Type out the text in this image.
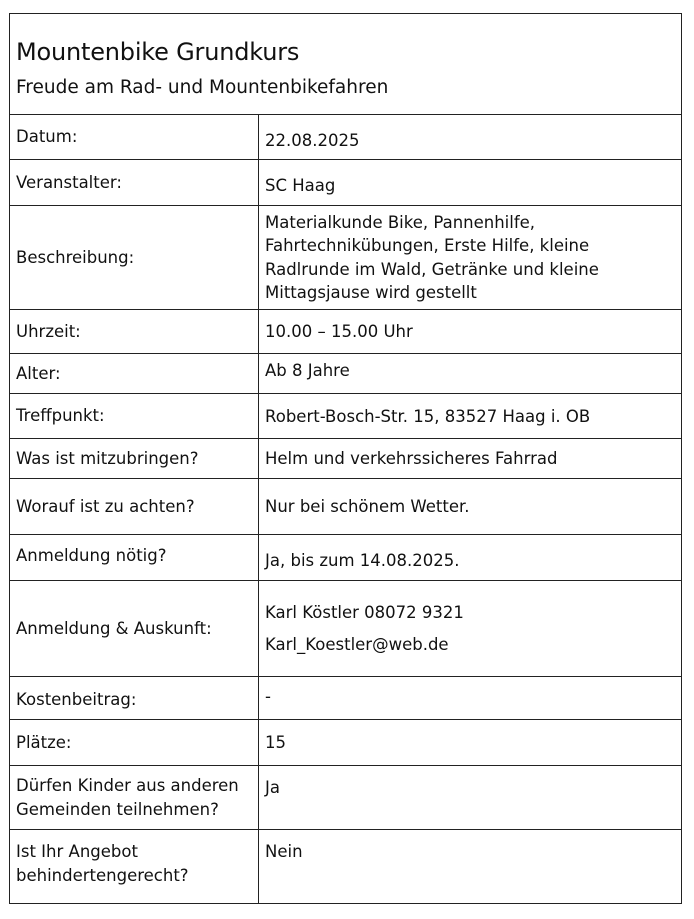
Mountenbike Grundkurs
Freude am Rad- und Mountenbikefahren
Datum:	22.08.2025
Veranstalter:	SC Haag
Beschreibung:	Materialkunde Bike, Pannenhilfe, Fahrtechnikübungen, Erste Hilfe, kleine Radlrunde im Wald, Getränke und kleine Mittagsjause wird gestellt
Uhrzeit:	10.00 – 15.00 Uhr
Alter:	Ab 8 Jahre
Treffpunkt:	Robert-Bosch-Str. 15, 83527 Haag i. OB
Was ist mitzubringen?	Helm und verkehrssicheres Fahrrad
Worauf ist zu achten?	Nur bei schönem Wetter.
Anmeldung nötig?	Ja, bis zum 14.08.2025.
Anmeldung & Auskunft:	Karl Köstler 08072 9321
Karl_Koestler@web.de

Kostenbeitrag:	-
Plätze:	15
Dürfen Kinder aus anderen Gemeinden teilnehmen?	Ja
Ist Ihr Angebot behindertengerecht?	Nein
